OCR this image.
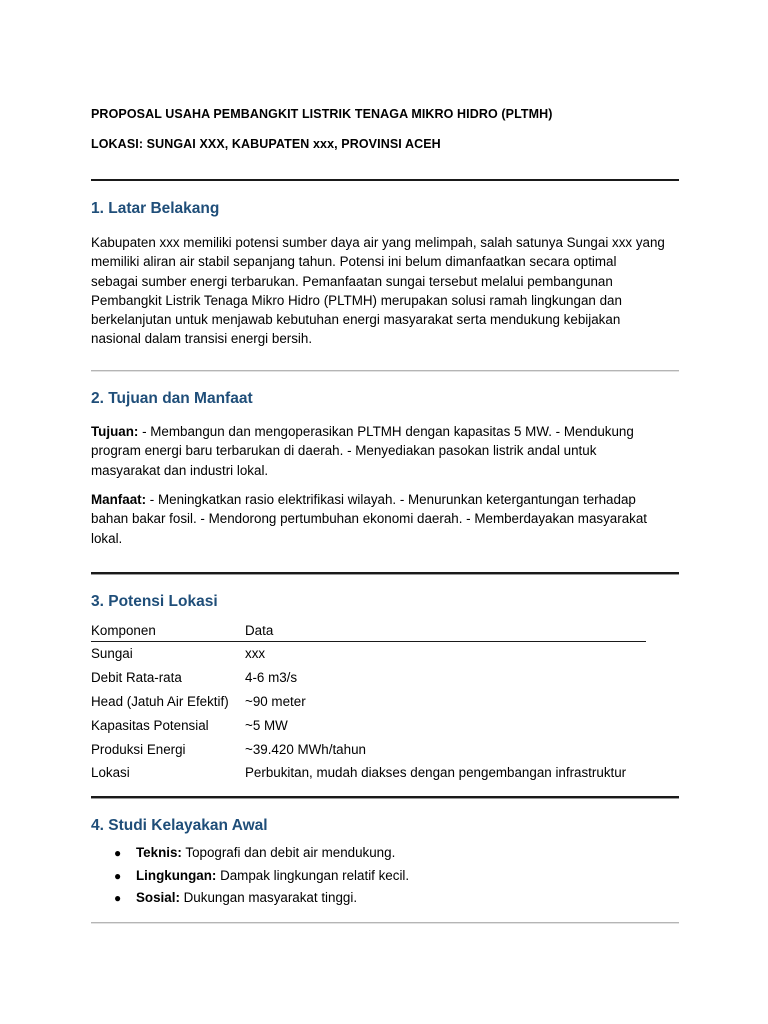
PROPOSAL USAHA PEMBANGKIT LISTRIK TENAGA MIKRO HIDRO (PLTMH)
LOKASI: SUNGAI XXX, KABUPATEN xxx, PROVINSI ACEH
1. Latar Belakang

Kabupaten xxx memiliki potensi sumber daya air yang melimpah, salah satunya Sungai xxx yang
memiliki aliran air stabil sepanjang tahun. Potensi ini belum dimanfaatkan secara optimal
sebagai sumber energi terbarukan. Pemanfaatan sungai tersebut melalui pembangunan
Pembangkit Listrik Tenaga Mikro Hidro (PLTMH) merupakan solusi ramah lingkungan dan
berkelanjutan untuk menjawab kebutuhan energi masyarakat serta mendukung kebijakan
nasional dalam transisi energi bersih.

2. Tujuan dan Manfaat

Tujuan: - Membangun dan mengoperasikan PLTMH dengan kapasitas 5 MW. - Mendukung
program energi baru terbarukan di daerah. - Menyediakan pasokan listrik andal untuk
masyarakat dan industri lokal.

Manfaat: - Meningkatkan rasio elektrifikasi wilayah. - Menurunkan ketergantungan terhadap
bahan bakar fosil. - Mendorong pertumbuhan ekonomi daerah. - Memberdayakan masyarakat
lokal.

3. Potensi Lokasi
Komponen	Data
Sungai	xxx
Debit Rata-rata	4-6 m3/s
Head (Jatuh Air Efektif)	~90 meter
Kapasitas Potensial	~5 MW
Produksi Energi	~39.420 MWh/tahun
Lokasi	Perbukitan, mudah diakses dengan pengembangan infrastruktur
4. Studi Kelayakan Awal
● Teknis: Topografi dan debit air mendukung.
● Lingkungan: Dampak lingkungan relatif kecil.
● Sosial: Dukungan masyarakat tinggi.
